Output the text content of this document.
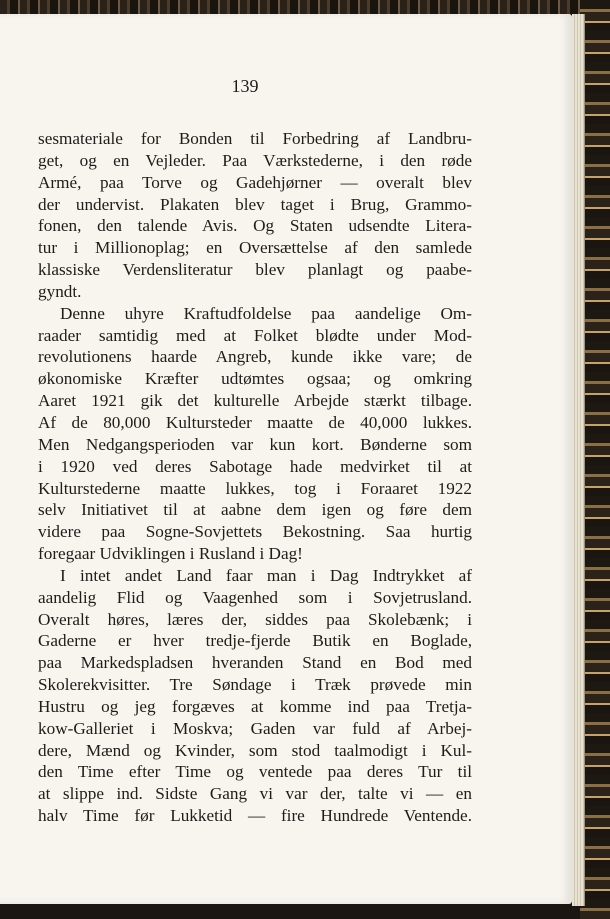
139
sesmateriale for Bonden til Forbedring af Landbru-
get, og en Vejleder. Paa Værkstederne, i den røde
Armé, paa Torve og Gadehjørner — overalt blev
der undervist. Plakaten blev taget i Brug, Grammo-
fonen, den talende Avis. Og Staten udsendte Litera-
tur i Millionoplag; en Oversættelse af den samlede
klassiske Verdensliteratur blev planlagt og paabe-
gyndt.
Denne uhyre Kraftudfoldelse paa aandelige Om-
raader samtidig med at Folket blødte under Mod-
revolutionens haarde Angreb, kunde ikke vare; de
økonomiske Kræfter udtømtes ogsaa; og omkring
Aaret 1921 gik det kulturelle Arbejde stærkt tilbage.
Af de 80,000 Kultursteder maatte de 40,000 lukkes.
Men Nedgangsperioden var kun kort. Bønderne som
i 1920 ved deres Sabotage hade medvirket til at
Kulturstederne maatte lukkes, tog i Foraaret 1922
selv Initiativet til at aabne dem igen og føre dem
videre paa Sogne-Sovjettets Bekostning. Saa hurtig
foregaar Udviklingen i Rusland i Dag!
I intet andet Land faar man i Dag Indtrykket af
aandelig Flid og Vaagenhed som i Sovjetrusland.
Overalt høres, læres der, siddes paa Skolebænk; i
Gaderne er hver tredje-fjerde Butik en Boglade,
paa Markedspladsen hveranden Stand en Bod med
Skolerekvisitter. Tre Søndage i Træk prøvede min
Hustru og jeg forgæves at komme ind paa Tretja-
kow-Galleriet i Moskva; Gaden var fuld af Arbej-
dere, Mænd og Kvinder, som stod taalmodigt i Kul-
den Time efter Time og ventede paa deres Tur til
at slippe ind. Sidste Gang vi var der, talte vi — en
halv Time før Lukketid — fire Hundrede Ventende.
